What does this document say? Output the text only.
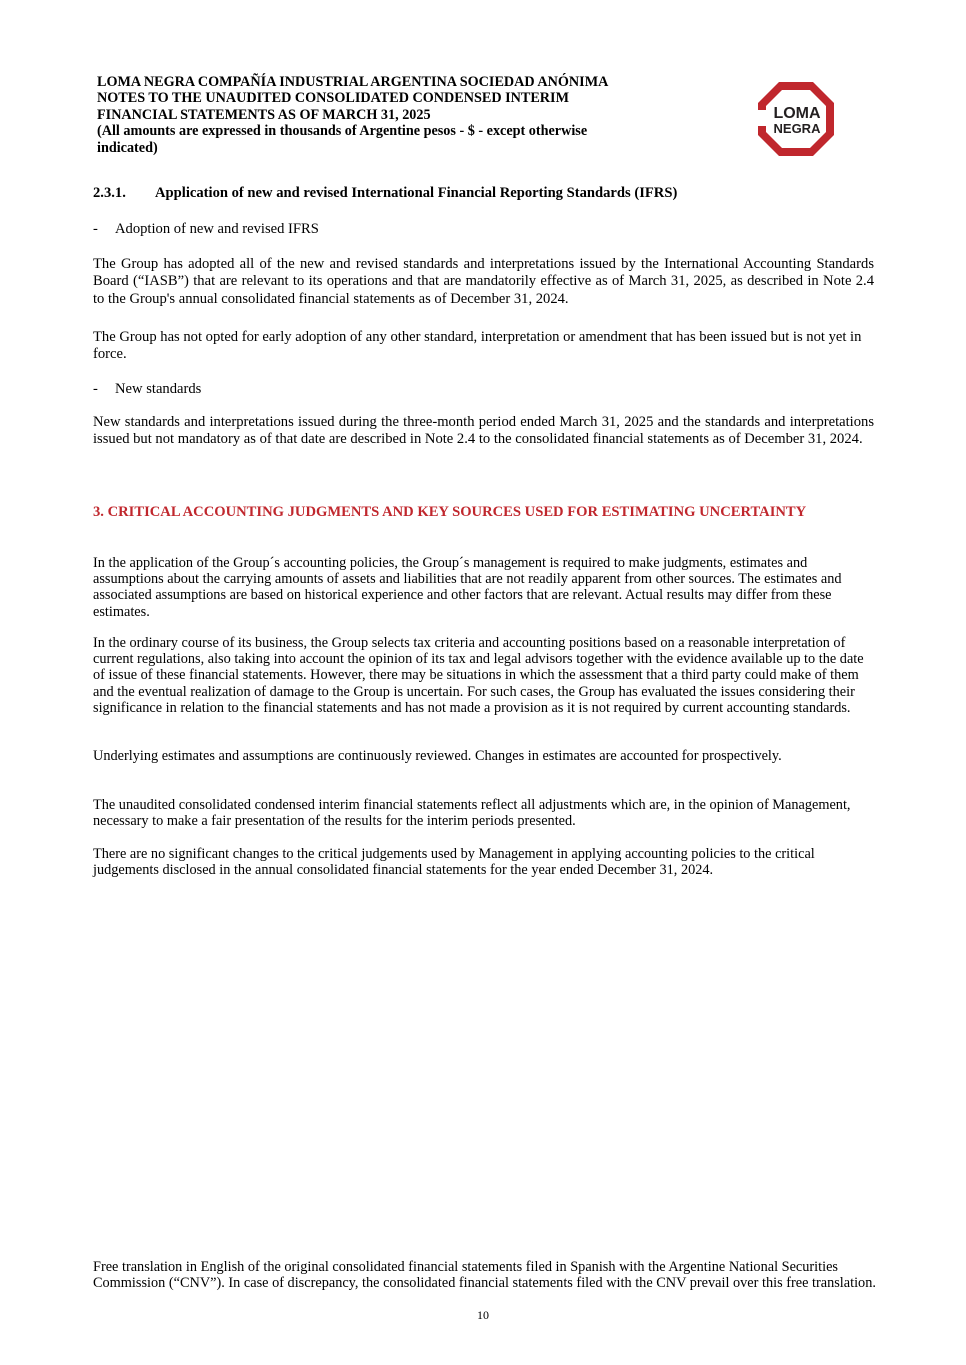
LOMA NEGRA COMPAÑÍA INDUSTRIAL ARGENTINA SOCIEDAD ANÓNIMA
NOTES TO THE UNAUDITED CONSOLIDATED CONDENSED INTERIM
FINANCIAL STATEMENTS AS OF MARCH 31, 2025
(All amounts are expressed in thousands of Argentine pesos - $ - except otherwise
indicated)
LOMA
NEGRA
2.3.1. Application of new and revised International Financial Reporting Standards (IFRS)
- Adoption of new and revised IFRS
The Group has adopted all of the new and revised standards and interpretations issued by the International Accounting Standards Board (“IASB”) that are relevant to its operations and that are mandatorily effective as of March 31, 2025, as described in Note 2.4 to the Group's annual consolidated financial statements as of December 31, 2024.
The Group has not opted for early adoption of any other standard, interpretation or amendment that has been issued but is not yet in force.
- New standards
New standards and interpretations issued during the three-month period ended March 31, 2025 and the standards and interpretations issued but not mandatory as of that date are described in Note 2.4 to the consolidated financial statements as of December 31, 2024.
3. CRITICAL ACCOUNTING JUDGMENTS AND KEY SOURCES USED FOR ESTIMATING UNCERTAINTY
In the application of the Group´s accounting policies, the Group´s management is required to make judgments, estimates and assumptions about the carrying amounts of assets and liabilities that are not readily apparent from other sources. The estimates and associated assumptions are based on historical experience and other factors that are relevant. Actual results may differ from these estimates.
In the ordinary course of its business, the Group selects tax criteria and accounting positions based on a reasonable interpretation of current regulations, also taking into account the opinion of its tax and legal advisors together with the evidence available up to the date of issue of these financial statements. However, there may be situations in which the assessment that a third party could make of them and the eventual realization of damage to the Group is uncertain. For such cases, the Group has evaluated the issues considering their significance in relation to the financial statements and has not made a provision as it is not required by current accounting standards.
Underlying estimates and assumptions are continuously reviewed. Changes in estimates are accounted for prospectively.
The unaudited consolidated condensed interim financial statements reflect all adjustments which are, in the opinion of Management, necessary to make a fair presentation of the results for the interim periods presented.
There are no significant changes to the critical judgements used by Management in applying accounting policies to the critical judgements disclosed in the annual consolidated financial statements for the year ended December 31, 2024.
Free translation in English of the original consolidated financial statements filed in Spanish with the Argentine National Securities Commission (“CNV”). In case of discrepancy, the consolidated financial statements filed with the CNV prevail over this free translation.
10
